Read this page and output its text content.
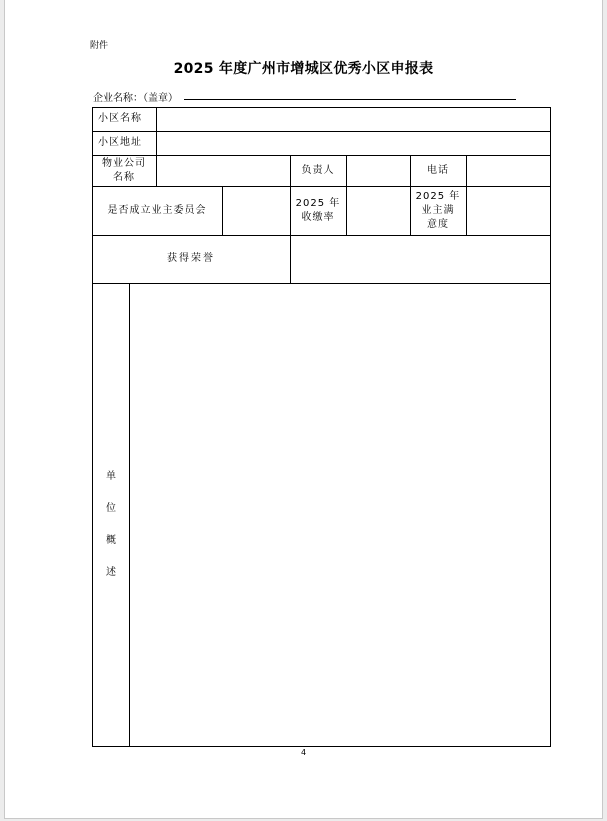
附件
2025 年度广州市增城区优秀小区申报表
企业名称：（盖章）
小区名称
小区地址
物业公司
名称
负责人	电话
是否成立业主委员会
2025 年
收缴率
2025 年
业主满
意度
获得荣誉
单
位
概
述
4
